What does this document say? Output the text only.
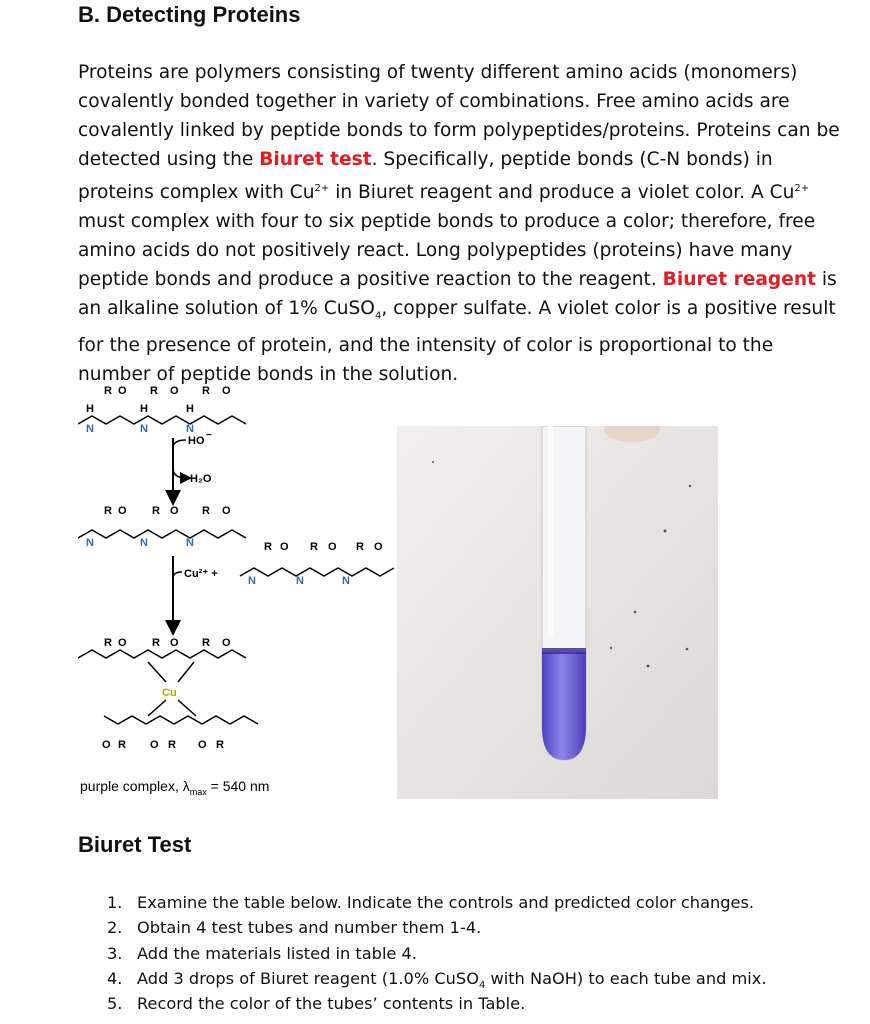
B. Detecting Proteins

Proteins are polymers consisting of twenty different amino acids (monomers) covalently bonded together in variety of combinations. Free amino acids are covalently linked by peptide bonds to form polypeptides/proteins. Proteins can be detected using the Biuret test. Specifically, peptide bonds (C-N bonds) in proteins complex with $Cu^{2+}$ in Biuret reagent and produce a violet color. A $Cu^{2+}$ must complex with four to six peptide bonds to produce a color; therefore, free amino acids do not positively react. Long polypeptides (proteins) have many peptide bonds and produce a positive reaction to the reagent. Biuret reagent is an alkaline solution of 1% CuSO$_4$, copper sulfate. A violet color is a positive result for the presence of protein, and the intensity of color is proportional to the number of peptide bonds in the solution.

R O R O R O
H
N
H
N
H
N
HO −
H₂O
R O R O R O
N	N	N
Cu²⁺ +
R O R O R O
N	N	N
R O R O R O
Cu
O R O R O R
purple complex, $\lambda_{max} = 540$ nm
Biuret Test
1. Examine the table below. Indicate the controls and predicted color changes.
2. Obtain 4 test tubes and number them 1-4.
3. Add the materials listed in table 4.
4. Add 3 drops of Biuret reagent (1.0% CuSO$_4$ with NaOH) to each tube and mix.
5. Record the color of the tubes’ contents in Table.
